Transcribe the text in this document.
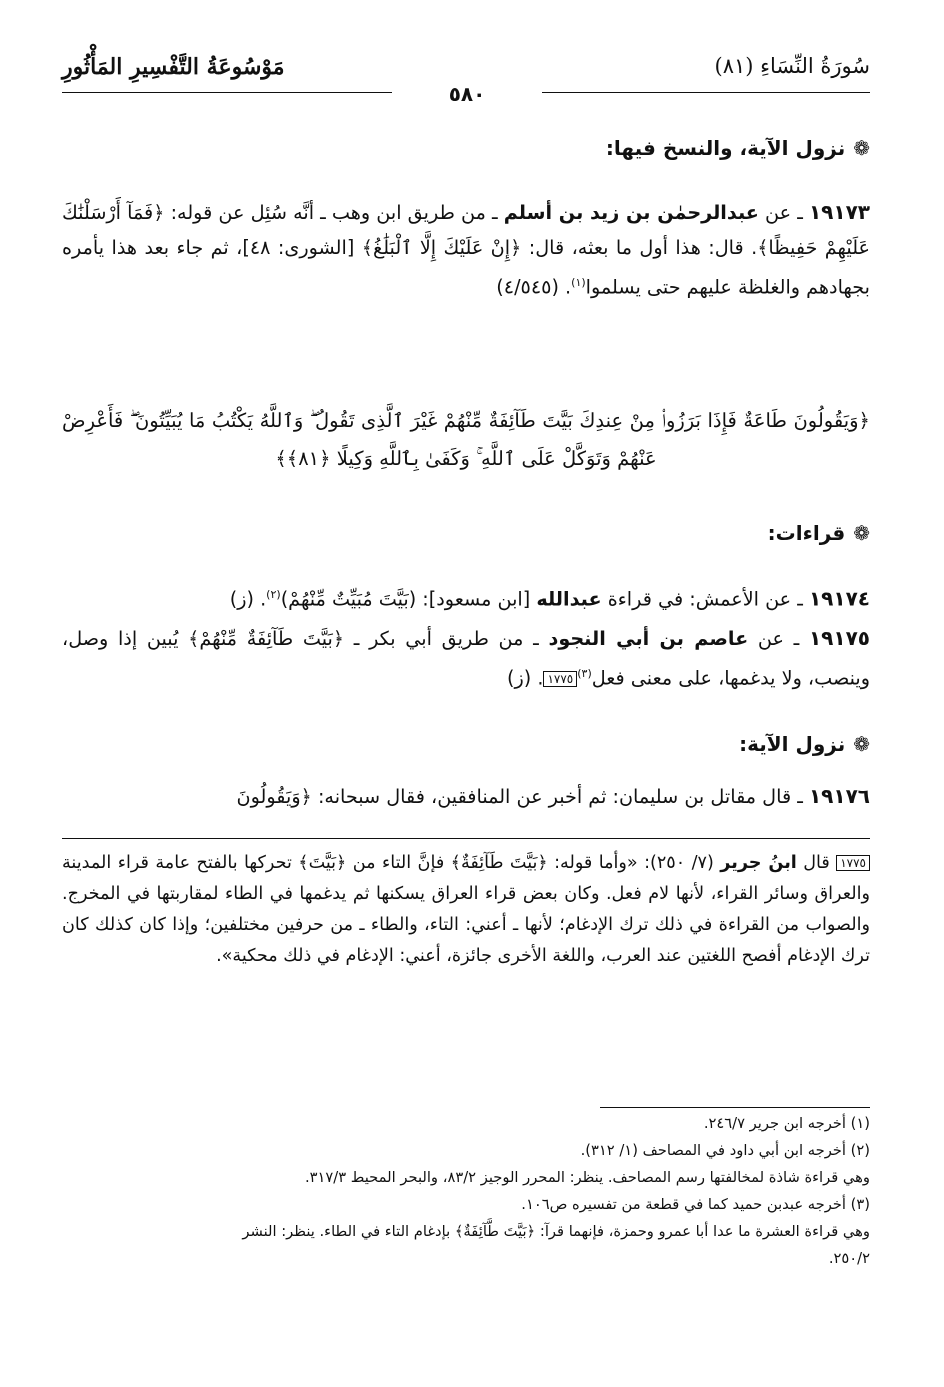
سُورَةُ النِّسَاءِ (٨١)
مَوْسُوعَةُ التَّفْسِيرِ المَأْثُورِ
٥٨٠
❁
نزول الآية، والنسخ فيها:
١٩١٧٣ ـ عن عبدالرحمٰن بن زيد بن أسلم ـ من طريق ابن وهب ـ أنَّه سُئِل عن قوله: ﴿فَمَآ أَرْسَلْنَٰكَ عَلَيْهِمْ حَفِيظًا﴾. قال: هذا أول ما بعثه، قال: ﴿إِنْ عَلَيْكَ إِلَّا ٱلْبَلَٰغُ﴾ [الشورى: ٤٨]، ثم جاء بعد هذا يأمره بجهادهم والغلظة عليهم حتى يسلموا$^{(١)}$. (٤/٥٤٥)
﴿وَيَقُولُونَ طَاعَةٌ فَإِذَا بَرَزُوا۟ مِنْ عِندِكَ بَيَّتَ طَآئِفَةٌ مِّنْهُمْ غَيْرَ ٱلَّذِى تَقُولُ ۖ وَٱللَّهُ يَكْتُبُ مَا يُبَيِّتُونَ ۖ فَأَعْرِضْ عَنْهُمْ وَتَوَكَّلْ عَلَى ٱللَّهِ ۚ وَكَفَىٰ بِٱللَّهِ وَكِيلًا ﴿٨١﴾﴾
❁
قراءات:
١٩١٧٤ ـ عن الأعمش: في قراءة عبدالله [ابن مسعود]: (بَيَّتَ مُبَيِّتٌ مِّنْهُمْ)$^{(٢)}$. (ز)
١٩١٧٥ ـ عن عاصم بن أبي النجود ـ من طريق أبي بكر ـ ﴿بَيَّتَ طَآئِفَةٌ مِّنْهُمْ﴾ يُبين إذا وصل، وينصب، ولا يدغمها، على معنى فعل$^{(٣)}$١٧٧٥. (ز)
❁
نزول الآية:
١٩١٧٦ ـ قال مقاتل بن سليمان: ثم أخبر عن المنافقين، فقال سبحانه: ﴿وَيَقُولُونَ
١٧٧٥ قال ابنُ جرير (٧/ ٢٥٠): «وأما قوله: ﴿بَيَّتَ طَآئِفَةٌ﴾ فإنَّ التاء من ﴿بَيَّتَ﴾ تحركها بالفتح عامة قراء المدينة والعراق وسائر القراء، لأنها لام فعل. وكان بعض قراء العراق يسكنها ثم يدغمها في الطاء لمقاربتها في المخرج. والصواب من القراءة في ذلك ترك الإدغام؛ لأنها ـ أعني: التاء، والطاء ـ من حرفين مختلفين؛ وإذا كان كذلك كان ترك الإدغام أفصح اللغتين عند العرب، واللغة الأخرى جائزة، أعني: الإدغام في ذلك محكية».
(١) أخرجه ابن جرير ٢٤٦/٧.
(٢) أخرجه ابن أبي داود في المصاحف (١/ ٣١٢).
وهي قراءة شاذة لمخالفتها رسم المصاحف. ينظر: المحرر الوجيز ٨٣/٢، والبحر المحيط ٣١٧/٣.
(٣) أخرجه عبدبن حميد كما في قطعة من تفسيره ص١٠٦.
وهي قراءة العشرة ما عدا أبا عمرو وحمزة، فإنهما قرآ: ﴿بَيَّتَ طَّآئِفَةٌ﴾ بإدغام التاء في الطاء. ينظر: النشر
٢٥٠/٢.
